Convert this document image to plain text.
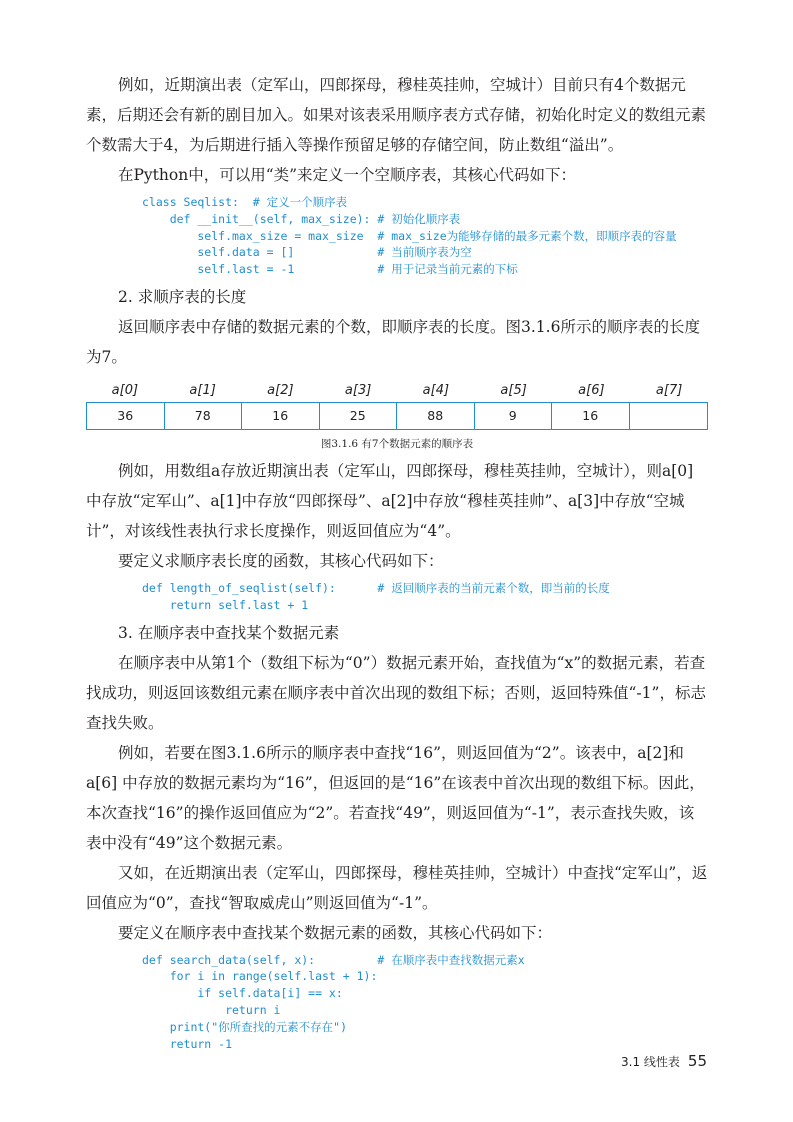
例如，近期演出表（定军山，四郎探母，穆桂英挂帅，空城计）目前只有4个数据元素，后期还会有新的剧目加入。如果对该表采用顺序表方式存储，初始化时定义的数组元素个数需大于4，为后期进行插入等操作预留足够的存储空间，防止数组“溢出”。

在Python中，可以用“类”来定义一个空顺序表，其核心代码如下：

class Seqlist:  # 定义一个顺序表
def __init__(self, max_size): # 初始化顺序表
self.max_size = max_size  # max_size为能够存储的最多元素个数，即顺序表的容量
self.data = []            # 当前顺序表为空
self.last = -1            # 用于记录当前元素的下标

2. 求顺序表的长度

返回顺序表中存储的数据元素的个数，即顺序表的长度。图3.1.6所示的顺序表的长度为7。

a[0]	a[1]	a[2]	a[3]	a[4]	a[5]	a[6]	a[7]
36	78	16	25	88	9	16
图3.1.6 有7个数据元素的顺序表

例如，用数组a存放近期演出表（定军山，四郎探母，穆桂英挂帅，空城计），则a[0]中存放“定军山”、a[1]中存放“四郎探母”、a[2]中存放“穆桂英挂帅”、a[3]中存放“空城计”，对该线性表执行求长度操作，则返回值应为“4”。

要定义求顺序表长度的函数，其核心代码如下：

def length_of_seqlist(self):      # 返回顺序表的当前元素个数，即当前的长度
return self.last + 1

3. 在顺序表中查找某个数据元素

在顺序表中从第1个（数组下标为“0”）数据元素开始，查找值为“x”的数据元素，若查找成功，则返回该数组元素在顺序表中首次出现的数组下标；否则，返回特殊值“-1”，标志查找失败。

例如，若要在图3.1.6所示的顺序表中查找“16”，则返回值为“2”。该表中，a[2]和a[6] 中存放的数据元素均为“16”，但返回的是“16”在该表中首次出现的数组下标。因此，本次查找“16”的操作返回值应为“2”。若查找“49”，则返回值为“-1”，表示查找失败，该表中没有“49”这个数据元素。

又如，在近期演出表（定军山，四郎探母，穆桂英挂帅，空城计）中查找“定军山”，返回值应为“0”，查找“智取威虎山”则返回值为“-1”。

要定义在顺序表中查找某个数据元素的函数，其核心代码如下：

def search_data(self, x):         # 在顺序表中查找数据元素x
for i in range(self.last + 1):
if self.data[i] == x:
return i
print("你所查找的元素不存在")
return -1
3.1 线性表 55
